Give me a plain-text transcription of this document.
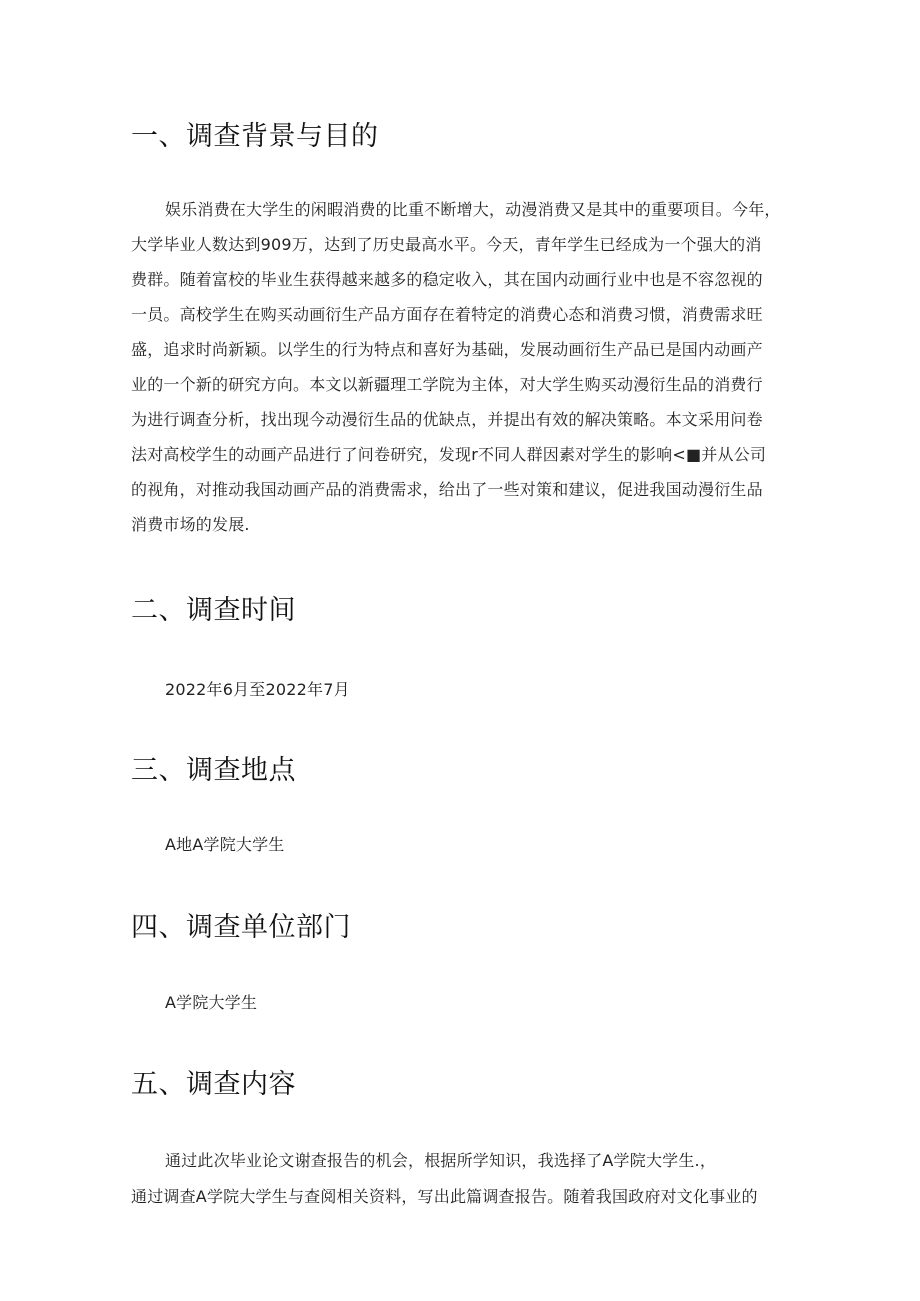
一、调查背景与目的

娱乐消费在大学生的闲暇消费的比重不断增大，动漫消费又是其中的重要项目。今年，

大学毕业人数达到909万，达到了历史最高水平。今天，青年学生已经成为一个强大的消

费群。随着富校的毕业生获得越来越多的稳定收入，其在国内动画行业中也是不容忽视的

一员。高校学生在购买动画衍生产品方面存在着特定的消费心态和消费习惯，消费需求旺

盛，追求时尚新颖。以学生的行为特点和喜好为基础，发展动画衍生产品已是国内动画产

业的一个新的研究方向。本文以新疆理工学院为主体，对大学生购买动漫衍生品的消费行

为进行调查分析，找出现今动漫衍生品的优缺点，并提出有效的解决策略。本文采用问卷

法对高校学生的动画产品进行了问卷研究，发现r不同人群因素对学生的影响<■并从公司

的视角，对推动我国动画产品的消费需求，给出了一些对策和建议，促进我国动漫衍生品

消费市场的发展.

二、调查时间

2022年6月至2022年7月

三、调查地点

A地A学院大学生

四、调查单位部门

A学院大学生

五、调查内容

通过此次毕业论文谢查报告的机会，根据所学知识，我选择了A学院大学生.，

通过调查A学院大学生与查阅相关资料，写出此篇调查报告。随着我国政府对文化事业的
